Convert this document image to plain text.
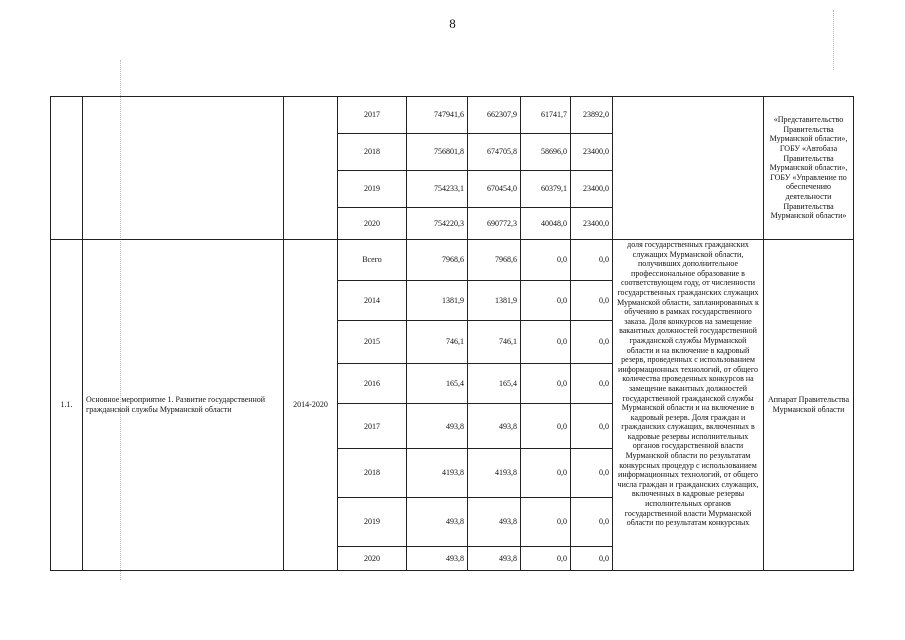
8
			2017	747941,6	662307,9	61741,7	23892,0		«Представительство Правительства Мурманской области», ГОБУ «Автобаза Правительства Мурманской области», ГОБУ «Управление по обеспечению деятельности Правительства Мурманской области»
			2018	756801,8	674705,8	58696,0	23400,0		
			2019	754233,1	670454,0	60379,1	23400,0		
			2020	754220,3	690772,3	40048,0	23400,0		
1.1.	Основное мероприятие 1. Развитие государственной гражданской службы Мурманской области	2014-2020	Всего	7968,6	7968,6	0,0	0,0	доля государственных гражданских служащих Мурманской области, получивших дополнительное профессиональное образование в соответствующем году, от численности государственных гражданских служащих Мурманской области, запланированных к обучению в рамках государственного заказа. Доля конкурсов на замещение вакантных должностей государственной гражданской службы Мурманской области и на включение в кадровый резерв, проведенных с использованием информационных технологий, от общего количества проведенных конкурсов на замещение вакантных должностей государственной гражданской службы Мурманской области и на включение в кадровый резерв. Доля граждан и гражданских служащих, включенных в кадровые резервы исполнительных органов государственной власти Мурманской области по результатам конкурсных процедур с использованием информационных технологий, от общего числа граждан и гражданских служащих, включенных в кадровые резервы исполнительных органов государственной власти Мурманской области по результатам конкурсных	Аппарат Правительства Мурманской области
			2014	1381,9	1381,9	0,0	0,0		
			2015	746,1	746,1	0,0	0,0		
			2016	165,4	165,4	0,0	0,0		
			2017	493,8	493,8	0,0	0,0		
			2018	4193,8	4193,8	0,0	0,0		
			2019	493,8	493,8	0,0	0,0		
			2020	493,8	493,8	0,0	0,0		
